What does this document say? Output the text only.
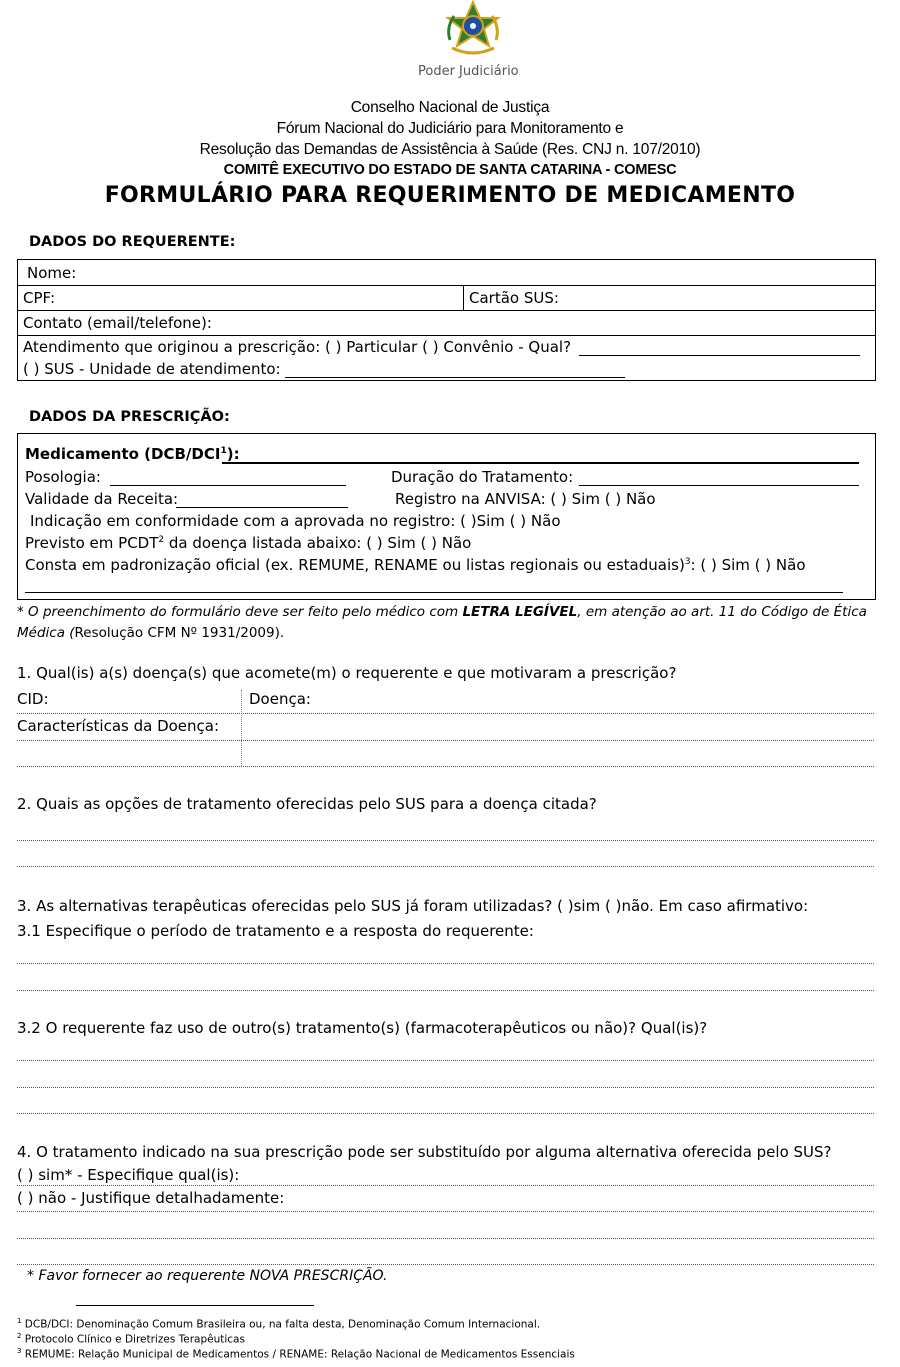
Poder Judiciário
Conselho Nacional de Justiça
Fórum Nacional do Judiciário para Monitoramento e
Resolução das Demandas de Assistência à Saúde (Res. CNJ n. 107/2010)
COMITÊ EXECUTIVO DO ESTADO DE SANTA CATARINA - COMESC
FORMULÁRIO PARA REQUERIMENTO DE MEDICAMENTO
DADOS DO REQUERENTE:
Nome:
CPF:	Cartão SUS:
Contato (email/telefone):
Atendimento que originou a prescrição: ( ) Particular ( ) Convênio - Qual?
( ) SUS - Unidade de atendimento:
DADOS DA PRESCRIÇÃO:
Medicamento (DCB/DCI$^1$):
Posologia:	Duração do Tratamento:
Validade da Receita:	Registro na ANVISA: ( ) Sim ( ) Não
Indicação em conformidade com a aprovada no registro: ( )Sim ( ) Não
Previsto em PCDT$^2$ da doença listada abaixo: ( ) Sim ( ) Não
Consta em padronização oficial (ex. REMUME, RENAME ou listas regionais ou estaduais)$^3$: ( ) Sim ( ) Não
* O preenchimento do formulário deve ser feito pelo médico com LETRA LEGÍVEL, em atenção ao art. 11 do Código de Ética
Médica (Resolução CFM Nº 1931/2009).
1. Qual(is) a(s) doença(s) que acomete(m) o requerente e que motivaram a prescrição?
CID:	Doença:
Características da Doença:
2. Quais as opções de tratamento oferecidas pelo SUS para a doença citada?
3. As alternativas terapêuticas oferecidas pelo SUS já foram utilizadas? ( )sim ( )não. Em caso afirmativo:
3.1 Especifique o período de tratamento e a resposta do requerente:
3.2 O requerente faz uso de outro(s) tratamento(s) (farmacoterapêuticos ou não)? Qual(is)?
4. O tratamento indicado na sua prescrição pode ser substituído por alguma alternativa oferecida pelo SUS?
( ) sim* - Especifique qual(is):
( ) não - Justifique detalhadamente:
* Favor fornecer ao requerente NOVA PRESCRIÇÃO.
$^1$ DCB/DCI: Denominação Comum Brasileira ou, na falta desta, Denominação Comum Internacional.
$^2$ Protocolo Clínico e Diretrizes Terapêuticas
$^3$ REMUME: Relação Municipal de Medicamentos / RENAME: Relação Nacional de Medicamentos Essenciais
